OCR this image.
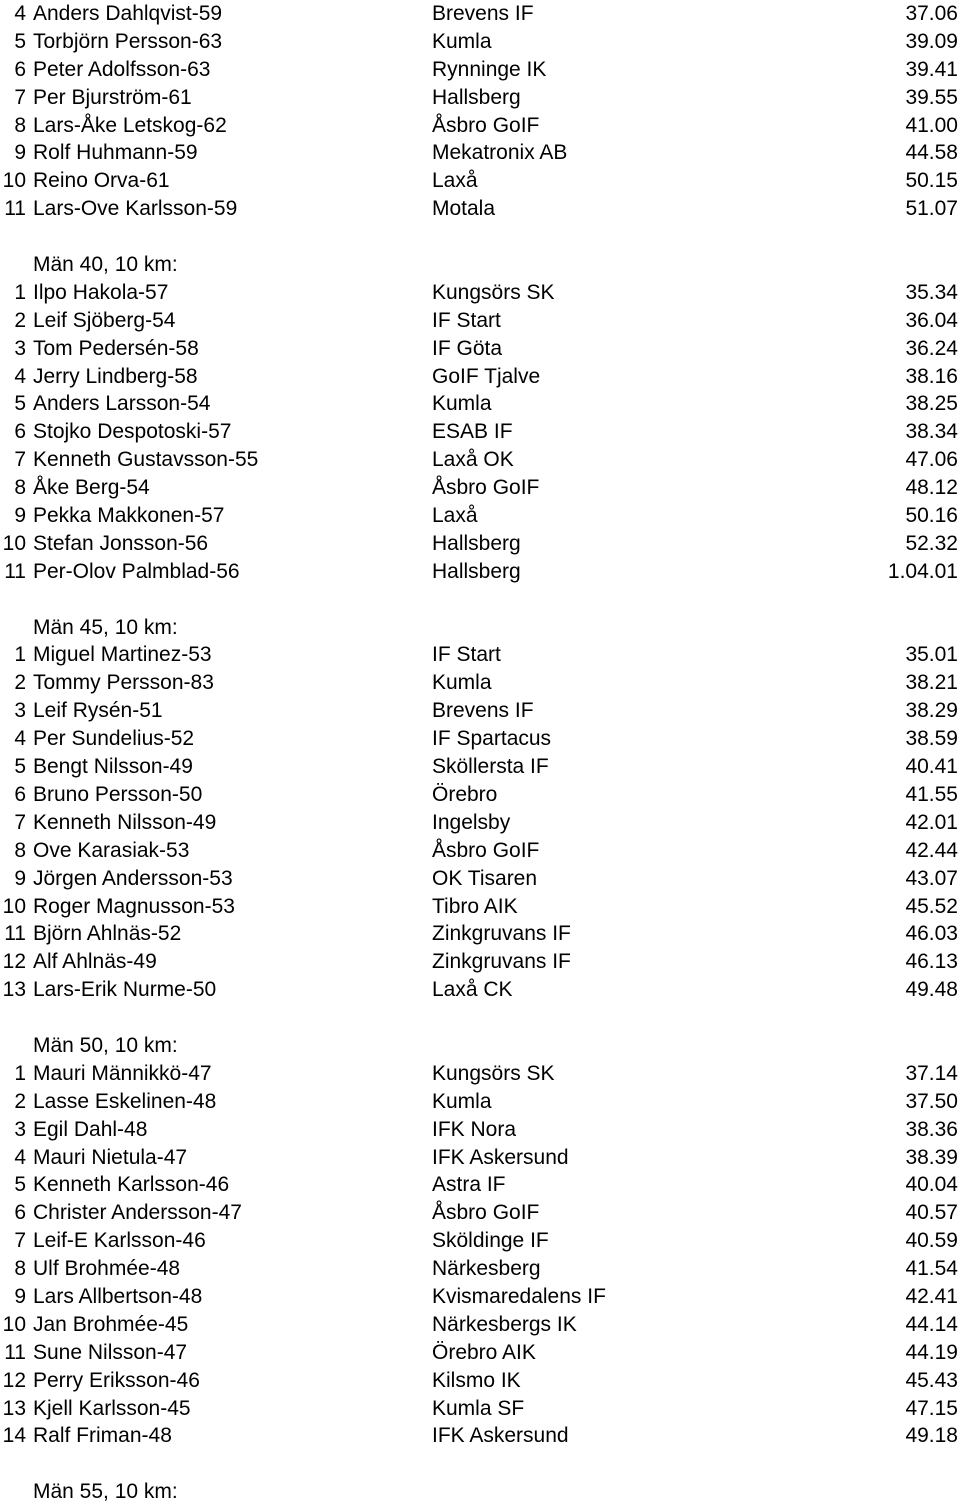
4 Anders Dahlqvist-59	Brevens IF	37.06
5 Torbjörn Persson-63	Kumla	39.09
6 Peter Adolfsson-63	Rynninge IK	39.41
7 Per Bjurström-61	Hallsberg	39.55
8 Lars-Åke Letskog-62	Åsbro GoIF	41.00
9 Rolf Huhmann-59	Mekatronix AB	44.58
10 Reino Orva-61	Laxå	50.15
11 Lars-Ove Karlsson-59	Motala	51.07
Män 40, 10 km:
1 Ilpo Hakola-57	Kungsörs SK	35.34
2 Leif Sjöberg-54	IF Start	36.04
3 Tom Pedersén-58	IF Göta	36.24
4 Jerry Lindberg-58	GoIF Tjalve	38.16
5 Anders Larsson-54	Kumla	38.25
6 Stojko Despotoski-57	ESAB IF	38.34
7 Kenneth Gustavsson-55	Laxå OK	47.06
8 Åke Berg-54	Åsbro GoIF	48.12
9 Pekka Makkonen-57	Laxå	50.16
10 Stefan Jonsson-56	Hallsberg	52.32
11 Per-Olov Palmblad-56	Hallsberg	1.04.01
Män 45, 10 km:
1 Miguel Martinez-53	IF Start	35.01
2 Tommy Persson-83	Kumla	38.21
3 Leif Rysén-51	Brevens IF	38.29
4 Per Sundelius-52	IF Spartacus	38.59
5 Bengt Nilsson-49	Sköllersta IF	40.41
6 Bruno Persson-50	Örebro	41.55
7 Kenneth Nilsson-49	Ingelsby	42.01
8 Ove Karasiak-53	Åsbro GoIF	42.44
9 Jörgen Andersson-53	OK Tisaren	43.07
10 Roger Magnusson-53	Tibro AIK	45.52
11 Björn Ahlnäs-52	Zinkgruvans IF	46.03
12 Alf Ahlnäs-49	Zinkgruvans IF	46.13
13 Lars-Erik Nurme-50	Laxå CK	49.48
Män 50, 10 km:
1 Mauri Männikkö-47	Kungsörs SK	37.14
2 Lasse Eskelinen-48	Kumla	37.50
3 Egil Dahl-48	IFK Nora	38.36
4 Mauri Nietula-47	IFK Askersund	38.39
5 Kenneth Karlsson-46	Astra IF	40.04
6 Christer Andersson-47	Åsbro GoIF	40.57
7 Leif-E Karlsson-46	Sköldinge IF	40.59
8 Ulf Brohmée-48	Närkesberg	41.54
9 Lars Allbertson-48	Kvismaredalens IF	42.41
10 Jan Brohmée-45	Närkesbergs IK	44.14
11 Sune Nilsson-47	Örebro AIK	44.19
12 Perry Eriksson-46	Kilsmo IK	45.43
13 Kjell Karlsson-45	Kumla SF	47.15
14 Ralf Friman-48	IFK Askersund	49.18
Män 55, 10 km:
